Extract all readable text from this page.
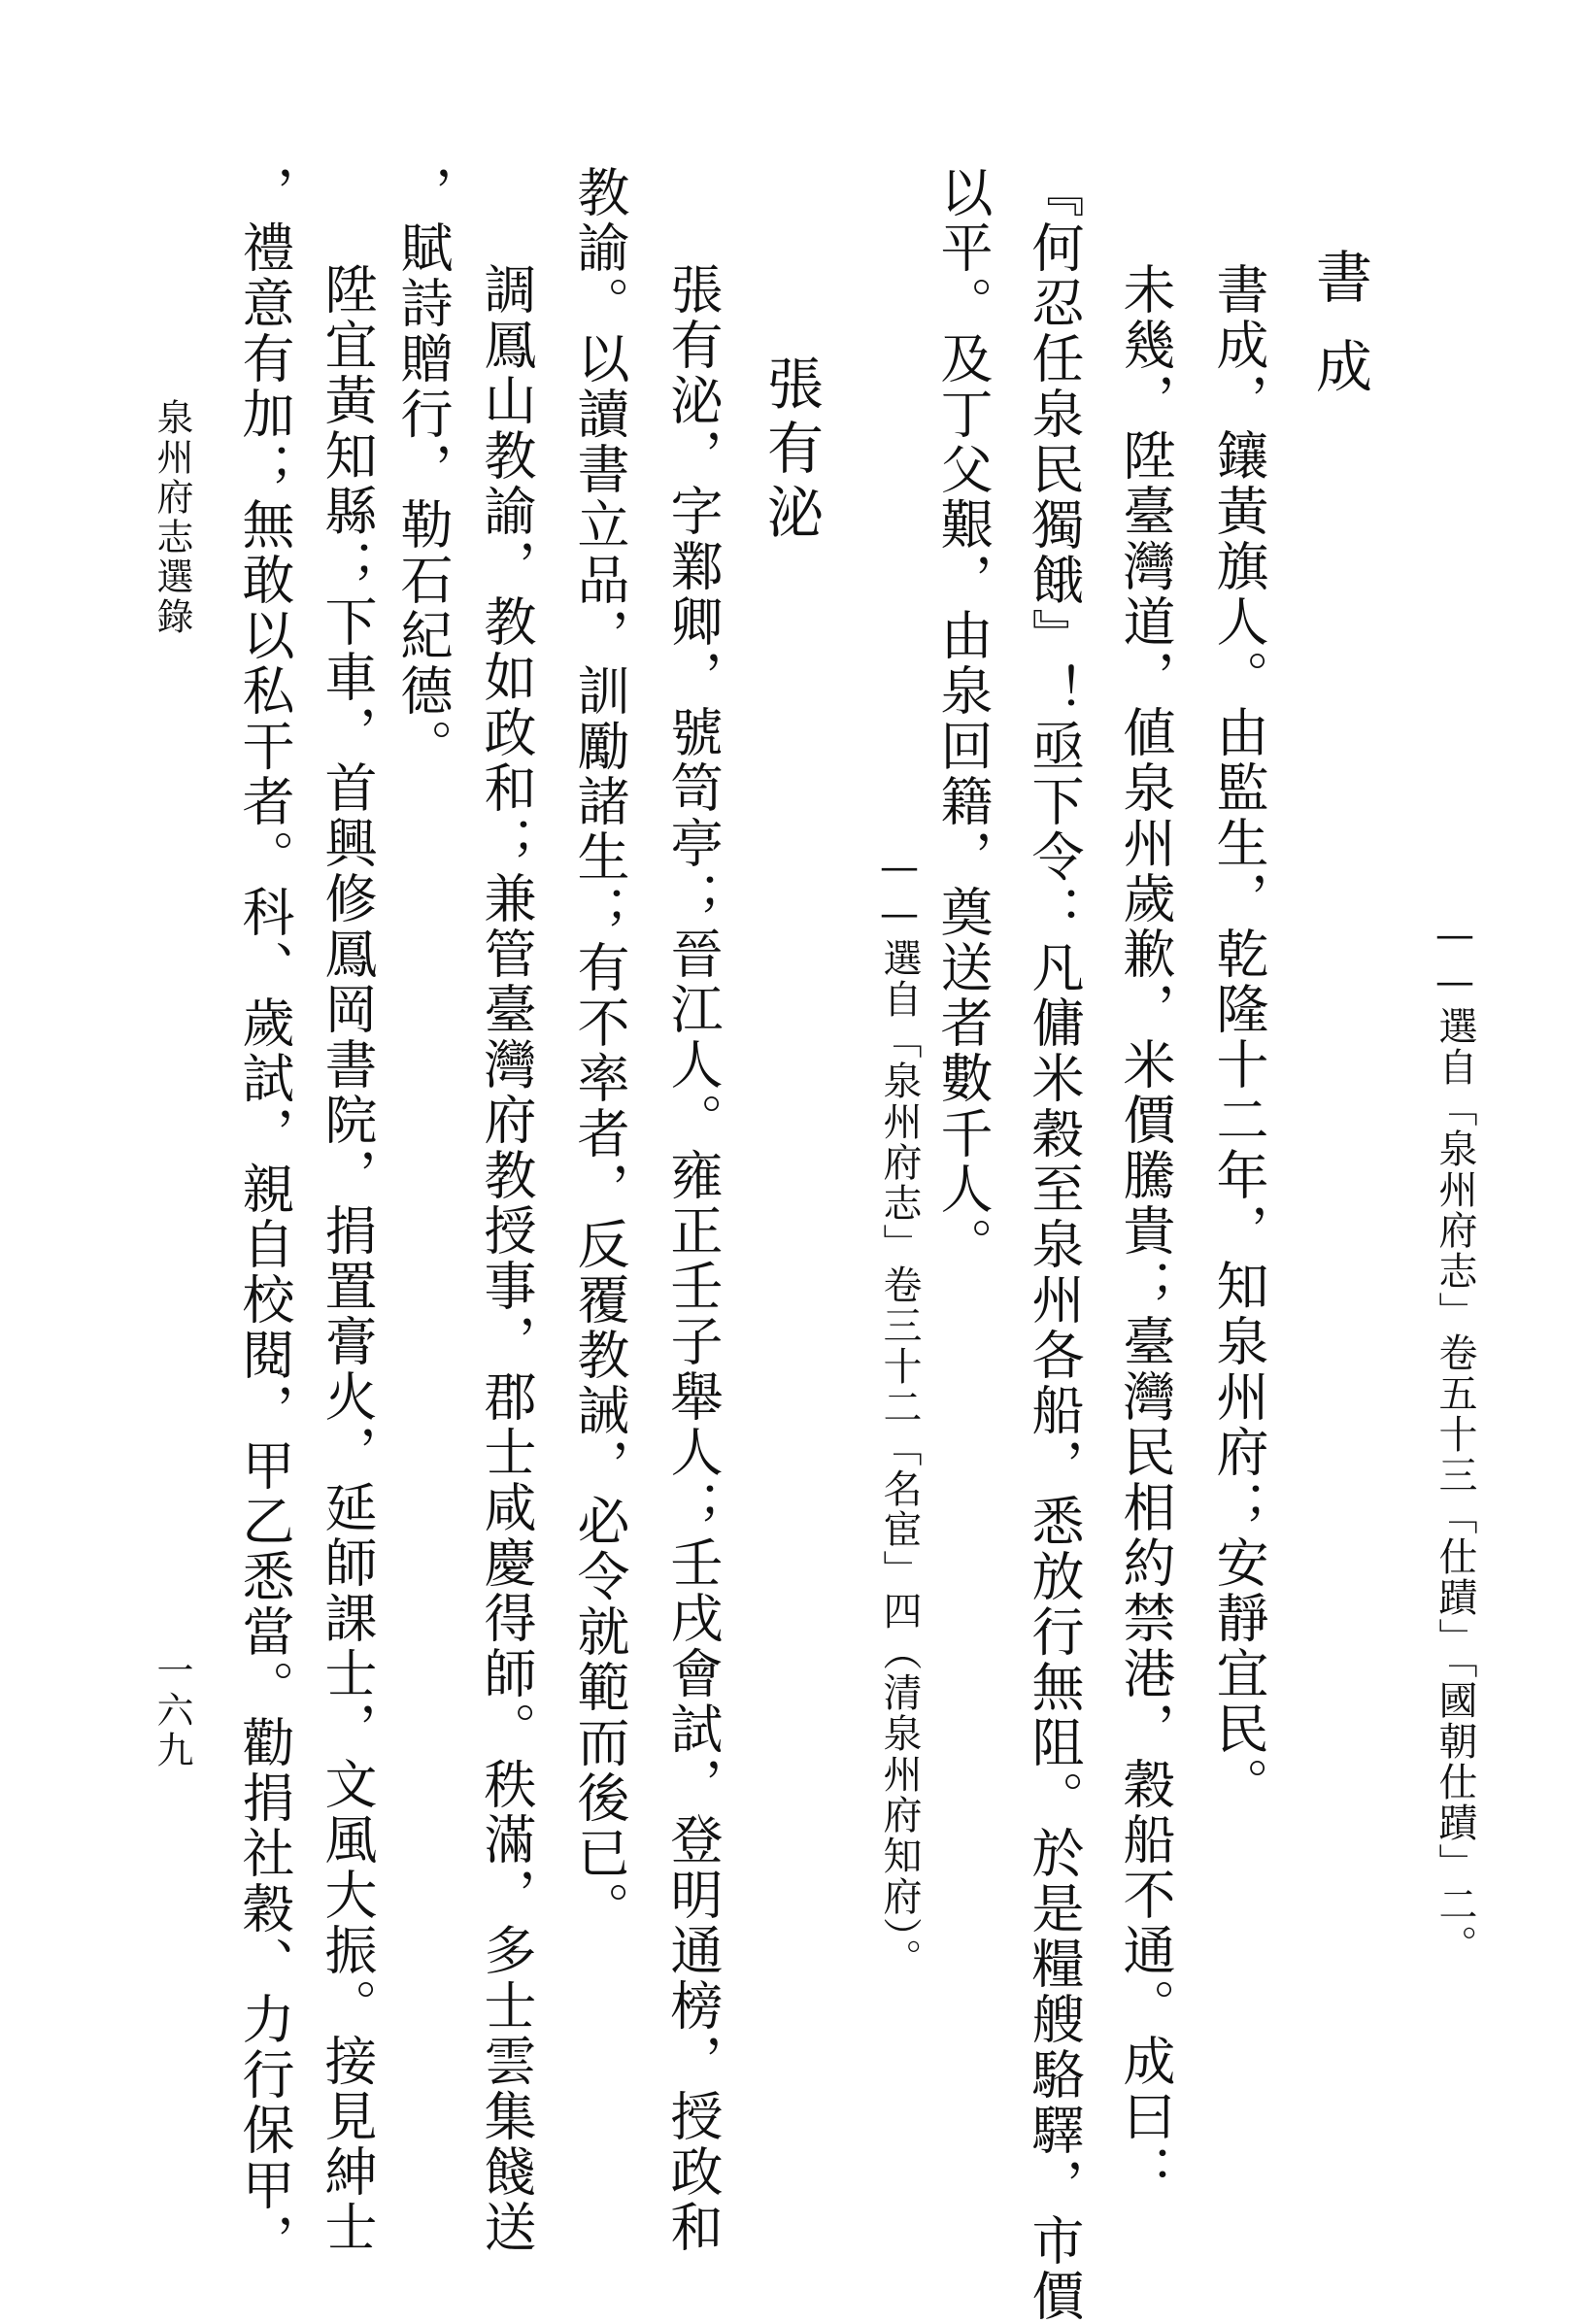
——選自「泉州府志」卷五十三「仕蹟」「國朝仕蹟」二。
書成
書成，鑲黃旗人。由監生，乾隆十二年，知泉州府；安靜宜民。
未幾，陞臺灣道，値泉州歲歉，米價騰貴；臺灣民相約禁港，穀船不通。成曰：
『何忍任泉民獨餓』！亟下令：凡傭米穀至泉州各船，悉放行無阻。於是糧艘駱驛，市價
以平。及丁父艱，由泉回籍，奠送者數千人。
——選自「泉州府志」卷三十二「名宦」四（清泉州府知府）。
張有泌
張有泌，字鄴卿，號笥亭；晉江人。雍正壬子舉人；壬戌會試，登明通榜，授政和
教諭。以讀書立品，訓勵諸生；有不率者，反覆教誡，必令就範而後已。
調鳳山教諭，教如政和；兼管臺灣府教授事，郡士咸慶得師。秩滿，多士雲集餞送
，賦詩贈行，勒石紀德。
陞宜黃知縣；下車，首興修鳳岡書院，捐置膏火，延師課士，文風大振。接見紳士
，禮意有加；無敢以私干者。科、歲試，親自校閱，甲乙悉當。勸捐社穀、力行保甲，
泉州府志選錄
一六九
